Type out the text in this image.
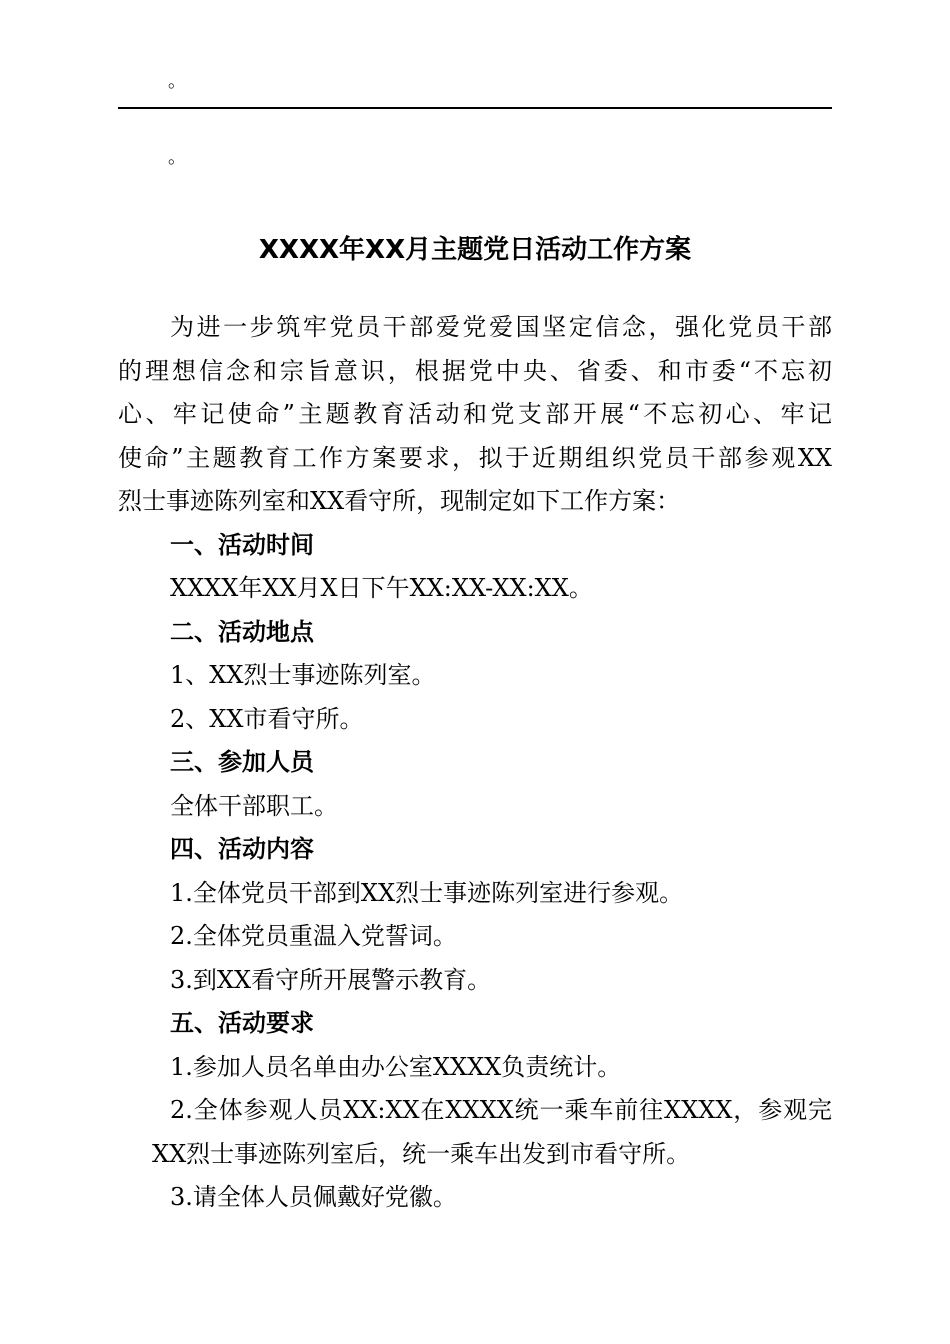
。
。
XXXX年XX月主题党日活动工作方案
为进一步筑牢党员干部爱党爱国坚定信念，强化党员干部
的理想信念和宗旨意识，根据党中央、省委、和市委“不忘初
心、牢记使命”主题教育活动和党支部开展“不忘初心、牢记
使命”主题教育工作方案要求，拟于近期组织党员干部参观XX
烈士事迹陈列室和XX看守所，现制定如下工作方案：
一、活动时间
XXXX年XX月X日下午XX:XX-XX:XX。
二、活动地点
1、XX烈士事迹陈列室。
2、XX市看守所。
三、参加人员
全体干部职工。
四、活动内容
1.全体党员干部到XX烈士事迹陈列室进行参观。
2.全体党员重温入党誓词。
3.到XX看守所开展警示教育。
五、活动要求
1.参加人员名单由办公室XXXX负责统计。
2.全体参观人员XX:XX在XXXX统一乘车前往XXXX，参观完
XX烈士事迹陈列室后，统一乘车出发到市看守所。
3.请全体人员佩戴好党徽。
